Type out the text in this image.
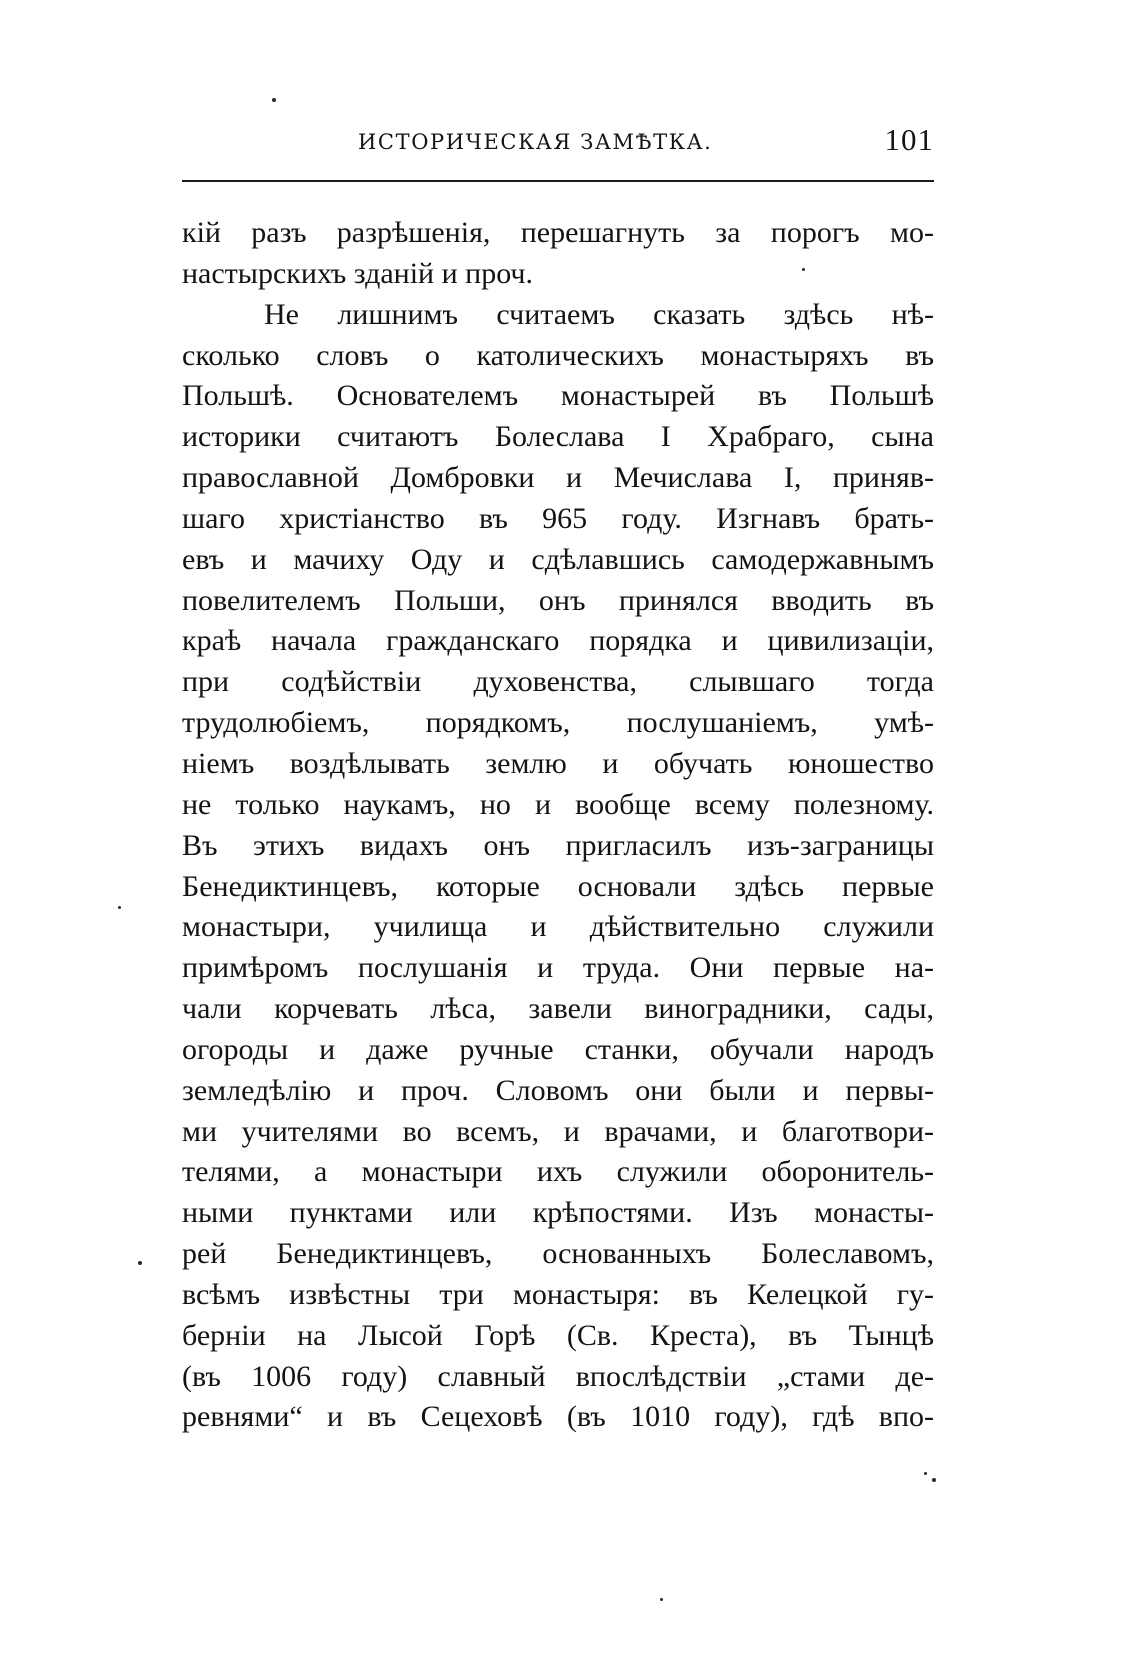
ИСТОРИЧЕСКАЯ ЗАМѢТКА.	101
кій разъ разрѣшенія, перешагнуть за порогъ мо-
настырскихъ зданій и проч.
Не лишнимъ считаемъ сказать здѣсь нѣ-
сколько словъ о католическихъ монастыряхъ въ
Польшѣ. Основателемъ монастырей въ Польшѣ
историки считаютъ Болеслава I Храбраго, сына
православной Домбровки и Мечислава I, приняв-
шаго христіанство въ 965 году. Изгнавъ брать-
евъ и мачиху Оду и сдѣлавшись самодержавнымъ
повелителемъ Польши, онъ принялся вводить въ
краѣ начала гражданскаго порядка и цивилизаціи,
при содѣйствіи духовенства, слывшаго тогда
трудолюбіемъ, порядкомъ, послушаніемъ, умѣ-
ніемъ воздѣлывать землю и обучать юношество
не только наукамъ, но и вообще всему полезному.
Въ этихъ видахъ онъ пригласилъ изъ-заграницы
Бенедиктинцевъ, которые основали здѣсь первые
монастыри, училища и дѣйствительно служили
примѣромъ послушанія и труда. Они первые на-
чали корчевать лѣса, завели виноградники, сады,
огороды и даже ручные станки, обучали народъ
земледѣлію и проч. Словомъ они были и первы-
ми учителями во всемъ, и врачами, и благотвори-
телями, а монастыри ихъ служили оборонитель-
ными пунктами или крѣпостями. Изъ монасты-
рей Бенедиктинцевъ, основанныхъ Болеславомъ,
всѣмъ извѣстны три монастыря: въ Келецкой гу-
берніи на Лысой Горѣ (Св. Креста), въ Тынцѣ
(въ 1006 году) славный впослѣдствіи „стами де-
ревнями“ и въ Сецеховѣ (въ 1010 году), гдѣ впо-
